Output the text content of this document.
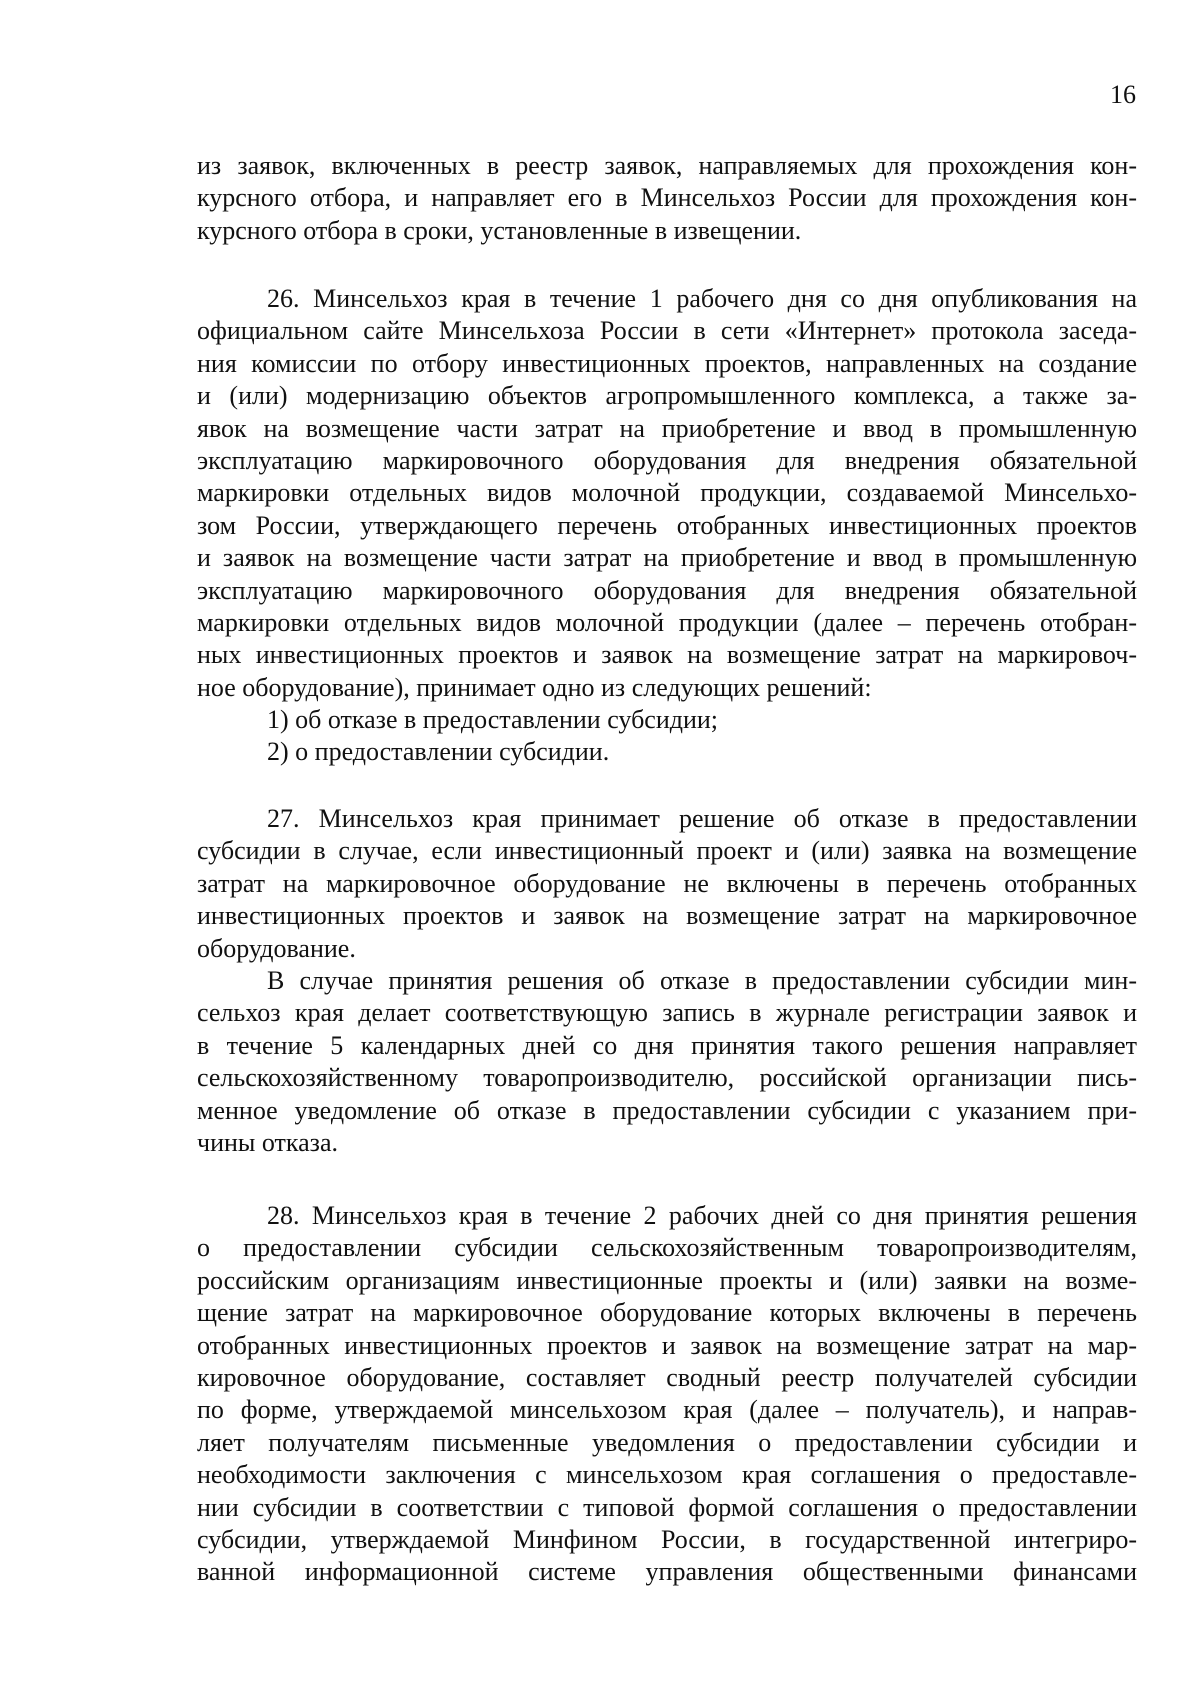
16

из заявок, включенных в реестр заявок, направляемых для прохождения кон-
курсного отбора, и направляет его в Минсельхоз России для прохождения кон-
курсного отбора в сроки, установленные в извещении.
26. Минсельхоз края в течение 1 рабочего дня со дня опубликования на
официальном сайте Минсельхоза России в сети «Интернет» протокола заседа-
ния комиссии по отбору инвестиционных проектов, направленных на создание
и (или) модернизацию объектов агропромышленного комплекса, а также за-
явок на возмещение части затрат на приобретение и ввод в промышленную
эксплуатацию маркировочного оборудования для внедрения обязательной
маркировки отдельных видов молочной продукции, создаваемой Минсельхо-
зом России, утверждающего перечень отобранных инвестиционных проектов
и заявок на возмещение части затрат на приобретение и ввод в промышленную
эксплуатацию маркировочного оборудования для внедрения обязательной
маркировки отдельных видов молочной продукции (далее – перечень отобран-
ных инвестиционных проектов и заявок на возмещение затрат на маркировоч-
ное оборудование), принимает одно из следующих решений:
1) об отказе в предоставлении субсидии;
2) о предоставлении субсидии.
27. Минсельхоз края принимает решение об отказе в предоставлении
субсидии в случае, если инвестиционный проект и (или) заявка на возмещение
затрат на маркировочное оборудование не включены в перечень отобранных
инвестиционных проектов и заявок на возмещение затрат на маркировочное
оборудование.
В случае принятия решения об отказе в предоставлении субсидии мин-
сельхоз края делает соответствующую запись в журнале регистрации заявок и
в течение 5 календарных дней со дня принятия такого решения направляет
сельскохозяйственному товаропроизводителю, российской организации пись-
менное уведомление об отказе в предоставлении субсидии с указанием при-
чины отказа.
28. Минсельхоз края в течение 2 рабочих дней со дня принятия решения
о предоставлении субсидии сельскохозяйственным товаропроизводителям,
российским организациям инвестиционные проекты и (или) заявки на возме-
щение затрат на маркировочное оборудование которых включены в перечень
отобранных инвестиционных проектов и заявок на возмещение затрат на мар-
кировочное оборудование, составляет сводный реестр получателей субсидии
по форме, утверждаемой минсельхозом края (далее – получатель), и направ-
ляет получателям письменные уведомления о предоставлении субсидии и
необходимости заключения с минсельхозом края соглашения о предоставле-
нии субсидии в соответствии с типовой формой соглашения о предоставлении
субсидии, утверждаемой Минфином России, в государственной интегриро-
ванной информационной системе управления общественными финансами
